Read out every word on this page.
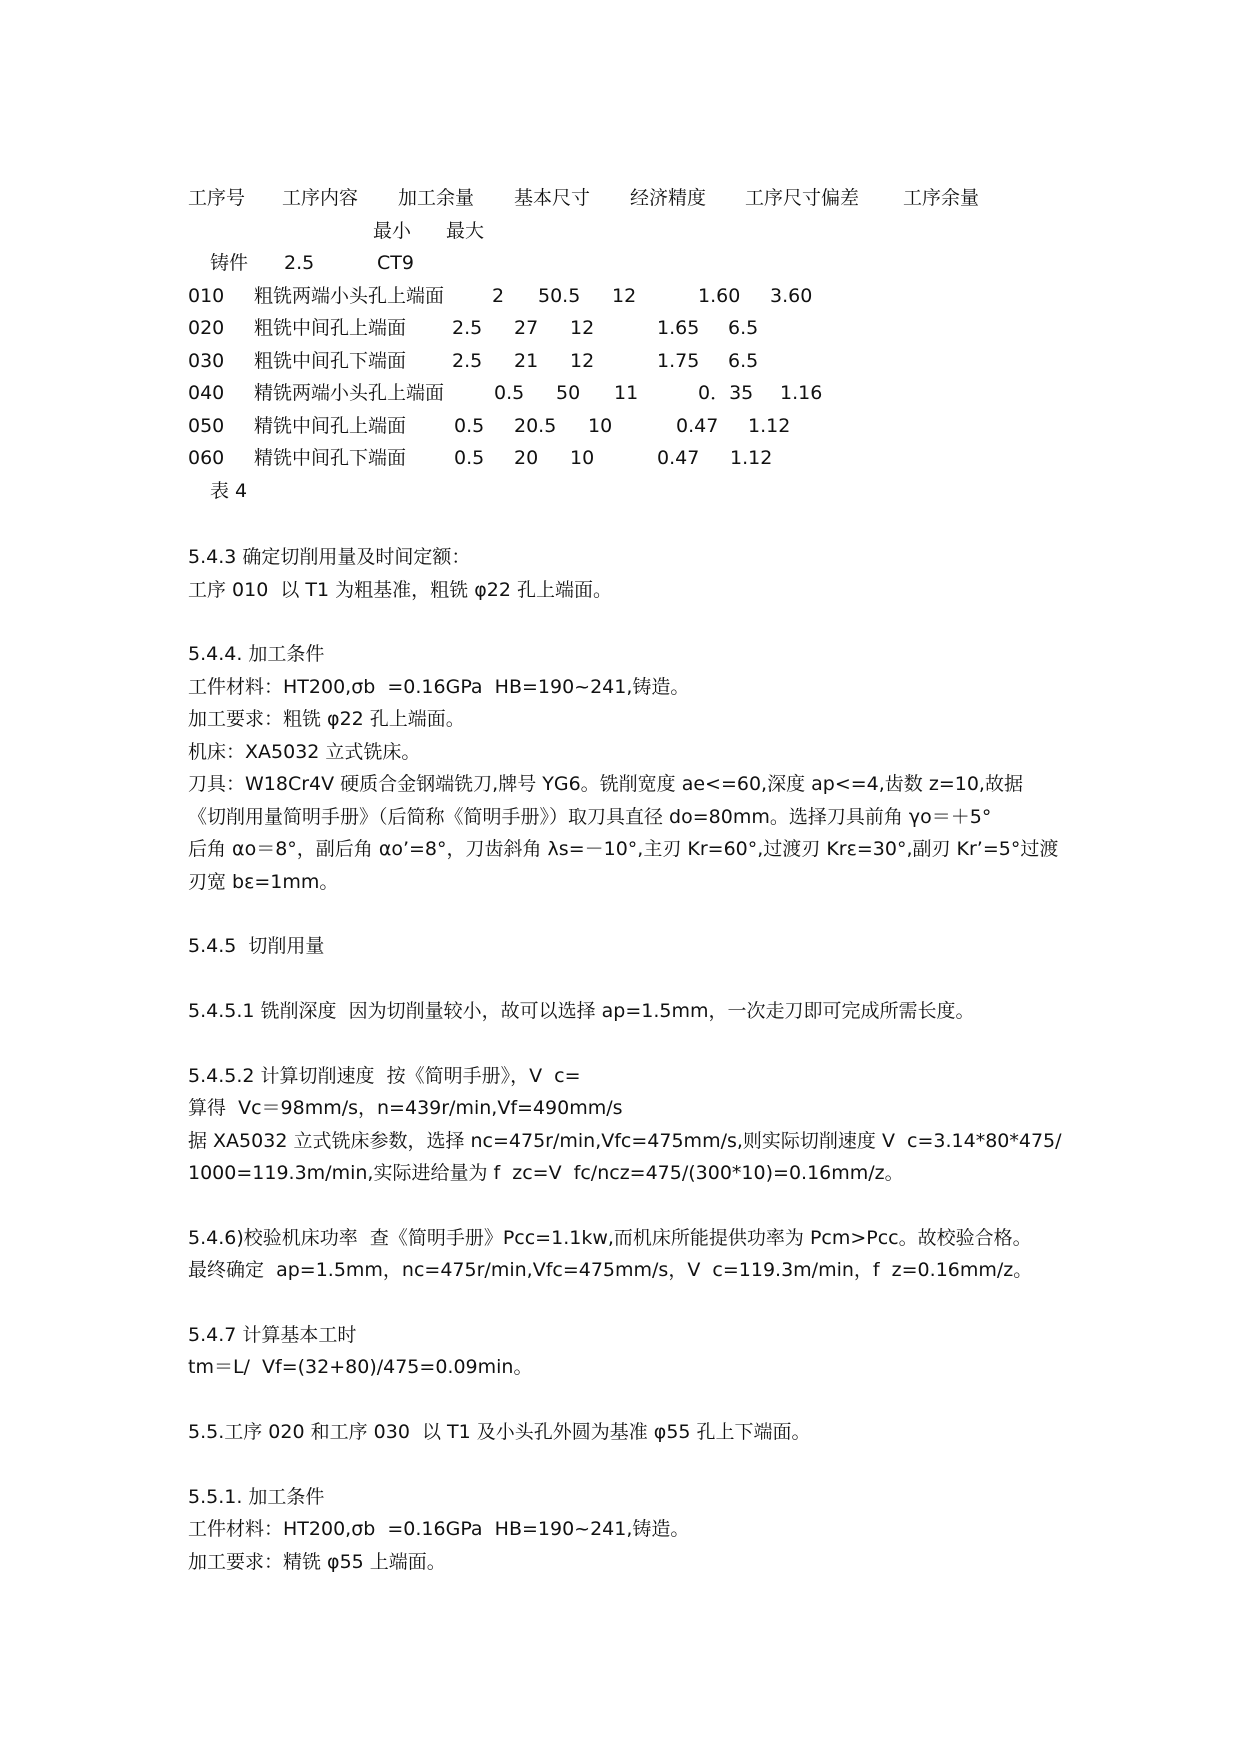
工序号 工序内容 加工余量 基本尺寸 经济精度 工序尺寸偏差 工序余量
最小 最大
铸件 2.5	CT9
010 粗铣两端小头孔上端面	2 50.5 12	1.60 3.60
020 粗铣中间孔上端面 2.5 27 12	1.65 6.5
030 粗铣中间孔下端面 2.5 21 12	1.75 6.5
040 精铣两端小头孔上端面	0.5 50 11	0．35 1.16
050 精铣中间孔上端面	0.5 20.5 10	0.47 1.12
060 精铣中间孔下端面	0.5 20 10	0.47 1.12
表 4
5.4.3 确定切削用量及时间定额：
工序 010  以 T1 为粗基准，粗铣 φ22 孔上端面。
5.4.4. 加工条件
工件材料：HT200,σb  =0.16GPa  HB=190~241,铸造。
加工要求：粗铣 φ22 孔上端面。
机床：XA5032 立式铣床。
刀具：W18Cr4V 硬质合金钢端铣刀,牌号 YG6。铣削宽度 ae<=60,深度 ap<=4,齿数 z=10,故据
《切削用量简明手册》（后简称《简明手册》）取刀具直径 do=80mm。选择刀具前角 γo＝＋5°
后角 αo＝8°，副后角 αo’=8°，刀齿斜角 λs=－10°,主刃 Kr=60°,过渡刃 Krε=30°,副刃 Kr’=5°过渡
刃宽 bε=1mm。
5.4.5  切削用量
5.4.5.1 铣削深度  因为切削量较小，故可以选择 ap=1.5mm，一次走刀即可完成所需长度。
5.4.5.2 计算切削速度  按《简明手册》，V  c=
算得  Vc＝98mm/s，n=439r/min,Vf=490mm/s
据 XA5032 立式铣床参数，选择 nc=475r/min,Vfc=475mm/s,则实际切削速度 V  c=3.14*80*475/
1000=119.3m/min,实际进给量为 f  zc=V  fc/ncz=475/(300*10)=0.16mm/z。
5.4.6)校验机床功率  查《简明手册》Pcc=1.1kw,而机床所能提供功率为 Pcm>Pcc。故校验合格。
最终确定  ap=1.5mm，nc=475r/min,Vfc=475mm/s，V  c=119.3m/min，f  z=0.16mm/z。
5.4.7 计算基本工时
tm＝L/  Vf=(32+80)/475=0.09min。
5.5.工序 020 和工序 030  以 T1 及小头孔外圆为基准 φ55 孔上下端面。
5.5.1. 加工条件
工件材料：HT200,σb  =0.16GPa  HB=190~241,铸造。
加工要求：精铣 φ55 上端面。
